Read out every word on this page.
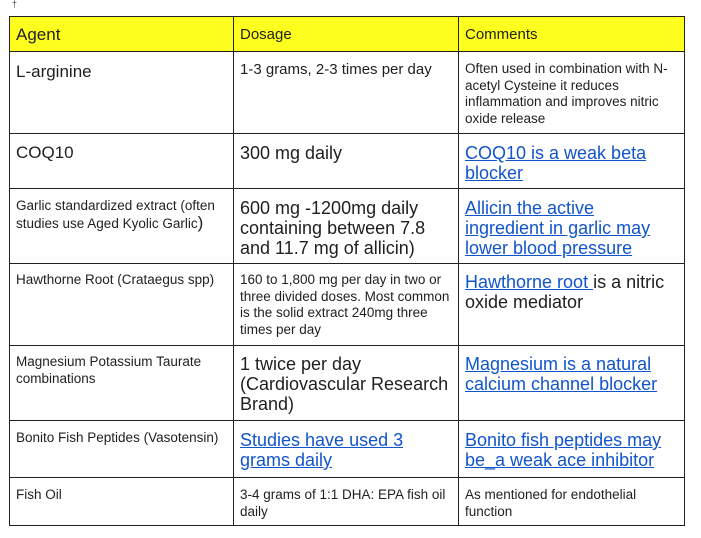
†
Agent	Dosage	Comments

L-arginine	1-3 grams, 2-3 times per day	Often used in combination with N-acetyl Cysteine it reduces inflammation and improves nitric oxide release

COQ10	300 mg daily	COQ10 is a weak beta blocker

Garlic standardized extract (often studies use Aged Kyolic Garlic)	600 mg -1200mg daily containing between 7.8 and 11.7 mg of allicin)	Allicin the active ingredient in garlic may lower blood pressure

Hawthorne Root (Crataegus spp)	160 to 1,800 mg per day in two or three divided doses. Most common is the solid extract 240mg three times per day	Hawthorne root is a nitric oxide mediator

Magnesium Potassium Taurate combinations	1 twice per day (Cardiovascular Research Brand)	Magnesium is a natural calcium channel blocker

Bonito Fish Peptides (Vasotensin)	Studies have used 3 grams daily	Bonito fish peptides may be_a weak ace inhibitor

Fish Oil	3-4 grams of 1:1 DHA: EPA fish oil daily	As mentioned for endothelial function
